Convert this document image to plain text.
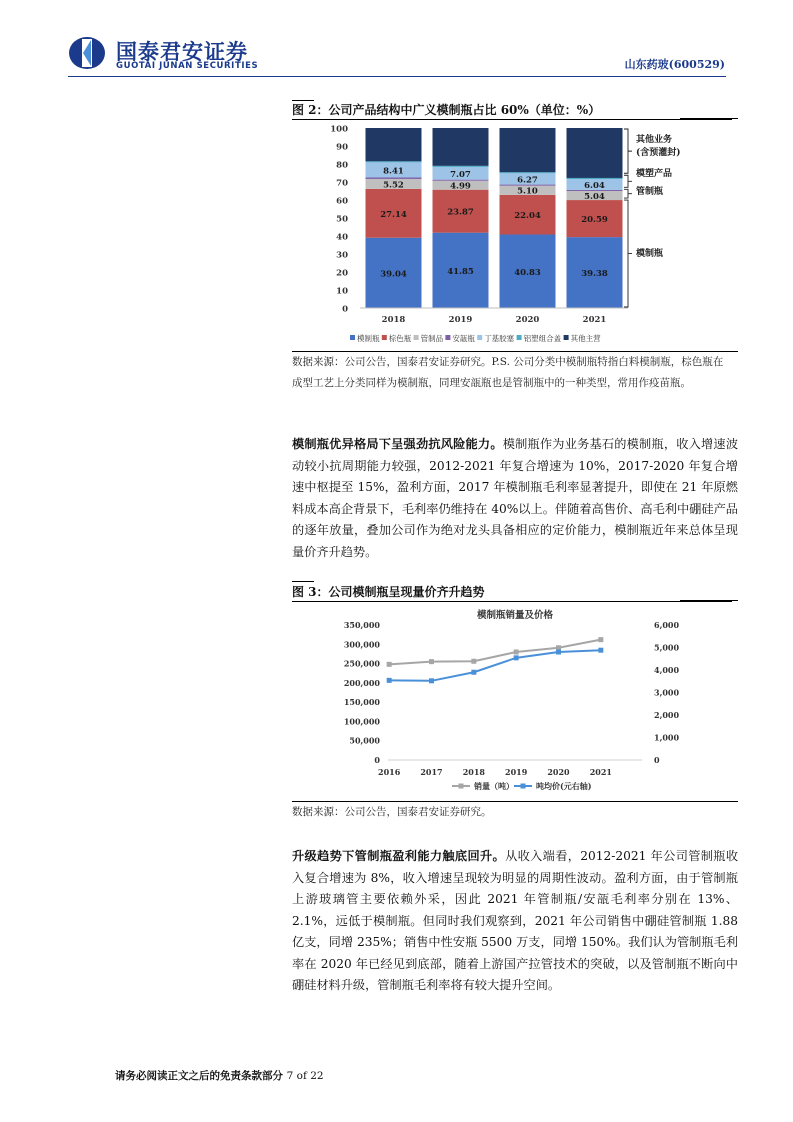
国泰君安证券
GUOTAI JUNAN SECURITIES	山东药玻(600529)
图 2：公司产品结构中广义模制瓶占比 60%（单位：%）
0
10
20
30
40
50
60
70
80
90
100
39.04
27.14
5.52
8.41
2018
41.85
23.87
4.99
7.07
2019
40.83
22.04
5.10
6.27
2020
39.38
20.59
5.04
6.04
2021
其他业务
(含预灌封)
模塑产品
管制瓶
模制瓶
模制瓶 棕色瓶 管制品 安瓿瓶 丁基胶塞 铝塑组合盖 其他主营
数据来源：公司公告，国泰君安证券研究。P.S. 公司分类中模制瓶特指白料模制瓶，棕色瓶在成型工艺上分类同样为模制瓶，同理安瓿瓶也是管制瓶中的一种类型，常用作疫苗瓶。
模制瓶优异格局下呈强劲抗风险能力。模制瓶作为业务基石的模制瓶，收入增速波动较小抗周期能力较强，2012-2021 年复合增速为 10%，2017-2020 年复合增速中枢提至 15%，盈利方面，2017 年模制瓶毛利率显著提升，即使在 21 年原燃料成本高企背景下，毛利率仍维持在 40%以上。伴随着高售价、高毛利中硼硅产品的逐年放量，叠加公司作为绝对龙头具备相应的定价能力，模制瓶近年来总体呈现量价齐升趋势。
图 3：公司模制瓶呈现量价齐升趋势
模制瓶销量及价格
0
50,000
100,000
150,000
200,000
250,000
300,000
350,000
0
1,000
2,000
3,000
4,000
5,000
6,000
2016	2017	2018	2019	2020	2021
销量（吨）	吨均价(元右轴)
数据来源：公司公告，国泰君安证券研究。
升级趋势下管制瓶盈利能力触底回升。从收入端看，2012-2021 年公司管制瓶收入复合增速为 8%，收入增速呈现较为明显的周期性波动。盈利方面，由于管制瓶上游玻璃管主要依赖外采，因此 2021 年管制瓶/安瓿毛利率分别在 13%、2.1%，远低于模制瓶。但同时我们观察到，2021 年公司销售中硼硅管制瓶 1.88 亿支，同增 235%；销售中性安瓶 5500 万支，同增 150%。我们认为管制瓶毛利率在 2020 年已经见到底部，随着上游国产拉管技术的突破，以及管制瓶不断向中硼硅材料升级，管制瓶毛利率将有较大提升空间。
请务必阅读正文之后的免责条款部分 7 of 22
